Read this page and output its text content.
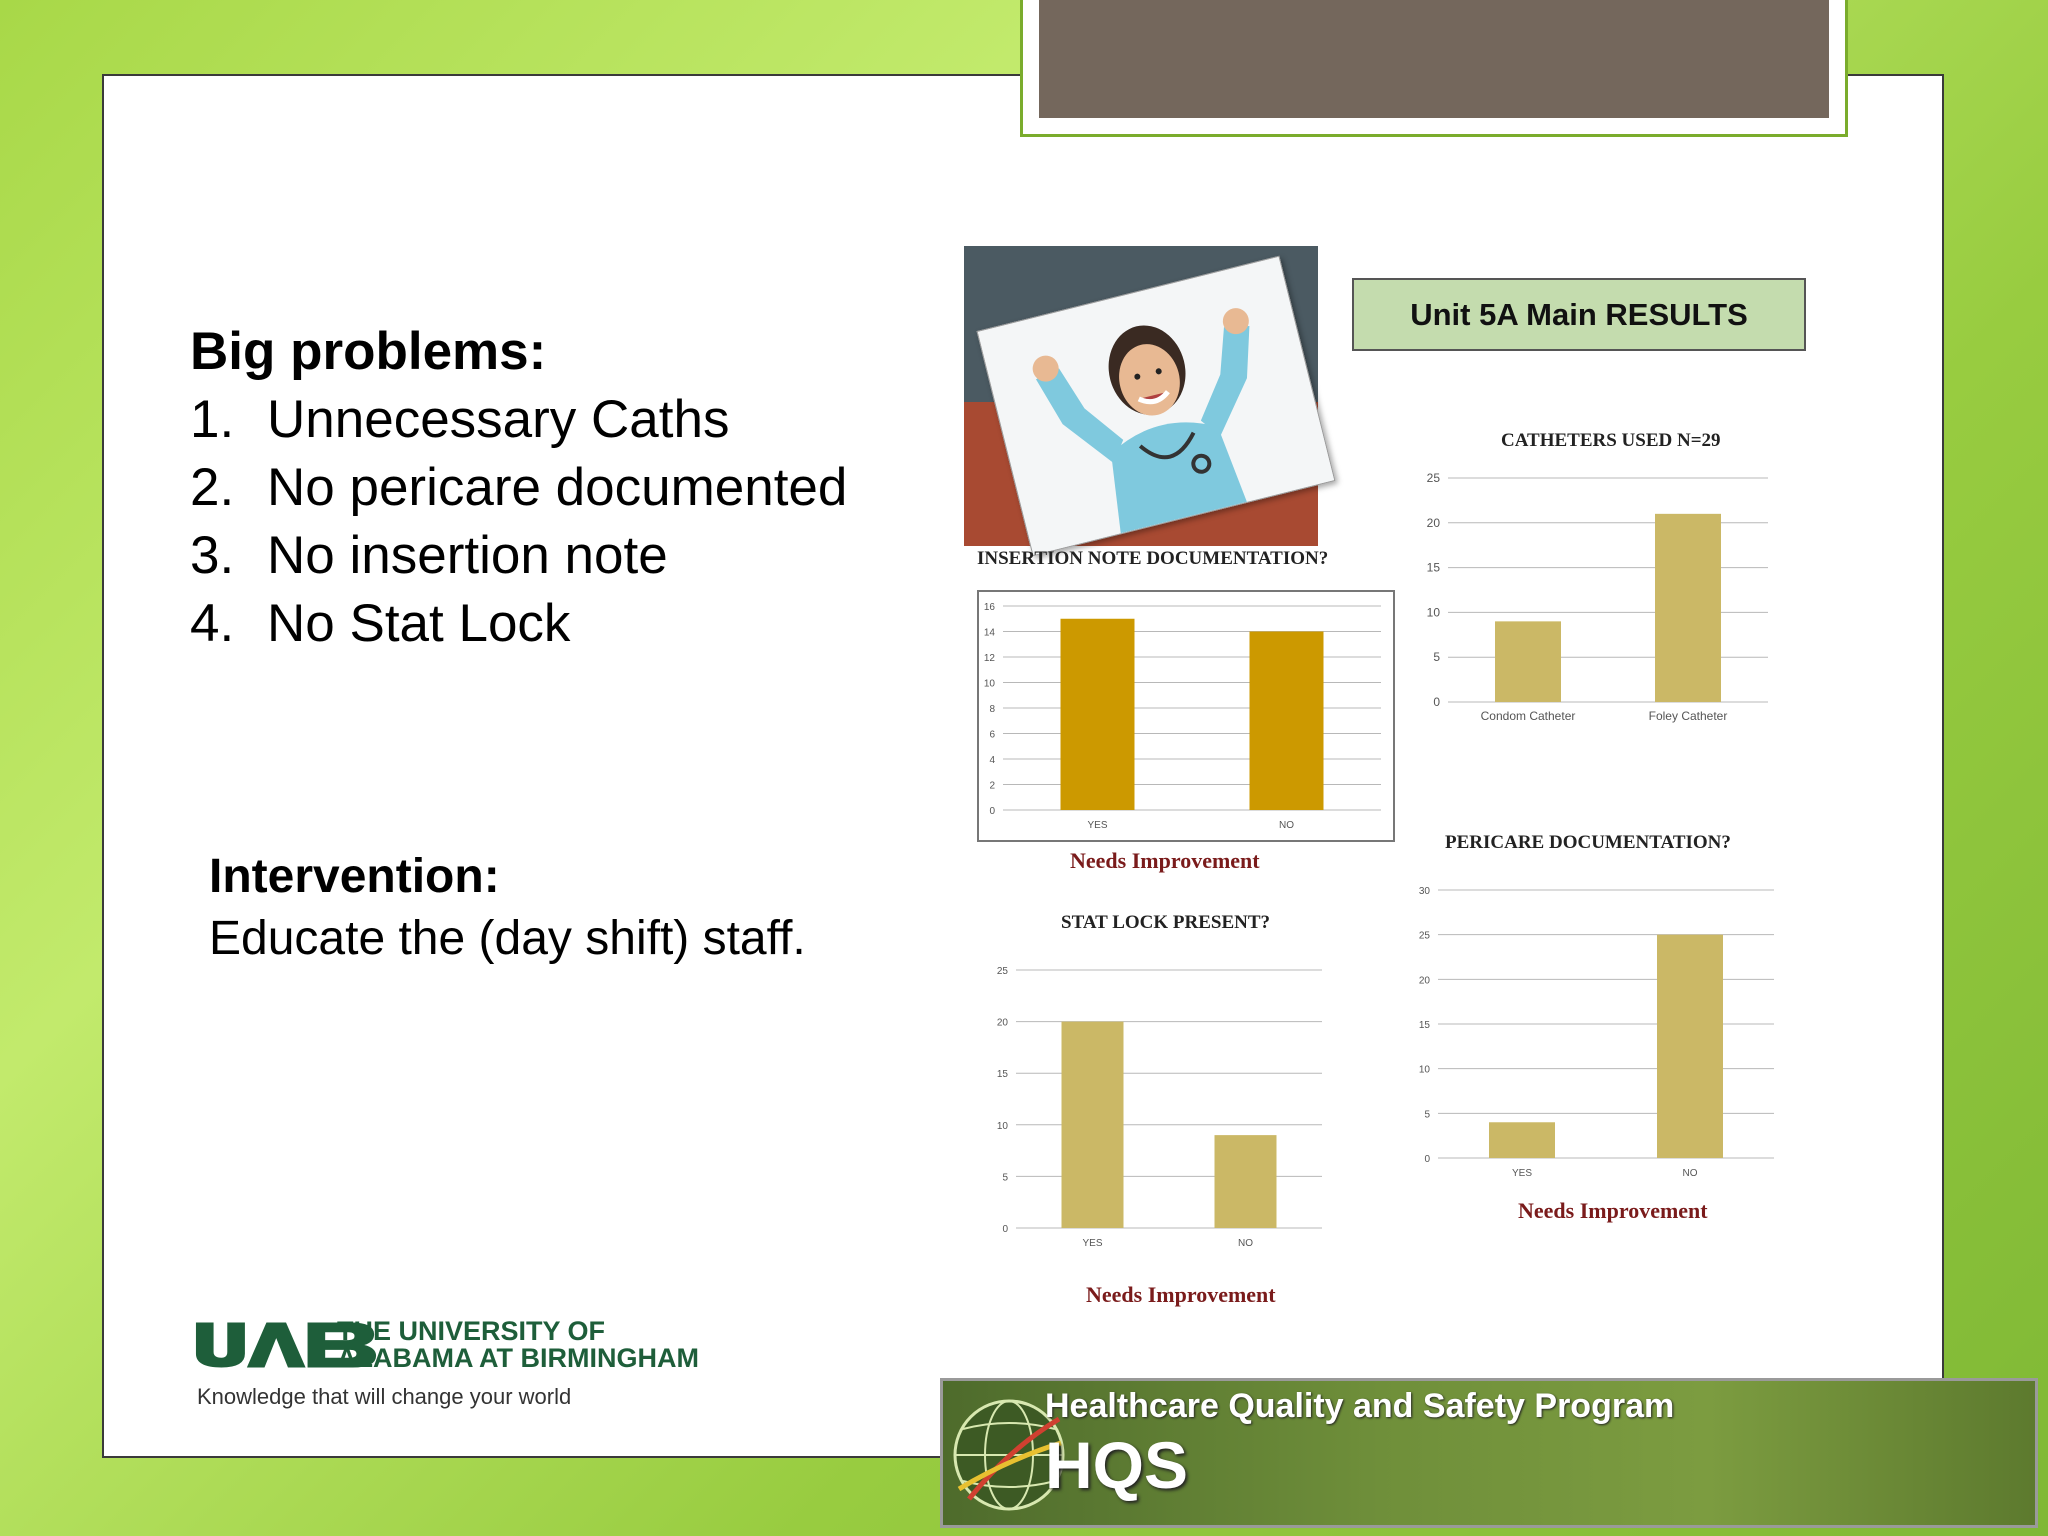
Big problems:
1. Unnecessary Caths
2. No pericare documented
3. No insertion note
4. No Stat Lock
Intervention:
Educate the (day shift) staff.
Unit 5A Main RESULTS
CATHETERS USED N=29
0
5
10
15
20
25
Condom Catheter	Foley Catheter
INSERTION NOTE DOCUMENTATION?
0
2
4
6
8
10
12
14
16
YES	NO
Needs Improvement
STAT LOCK PRESENT?
0
5
10
15
20
25
YES	NO
Needs Improvement
PERICARE DOCUMENTATION?
0
5
10
15
20
25
30
YES	NO
Needs Improvement
THE UNIVERSITY OF
ALABAMA AT BIRMINGHAM
Knowledge that will change your world	Healthcare Quality and Safety Program
HQS
